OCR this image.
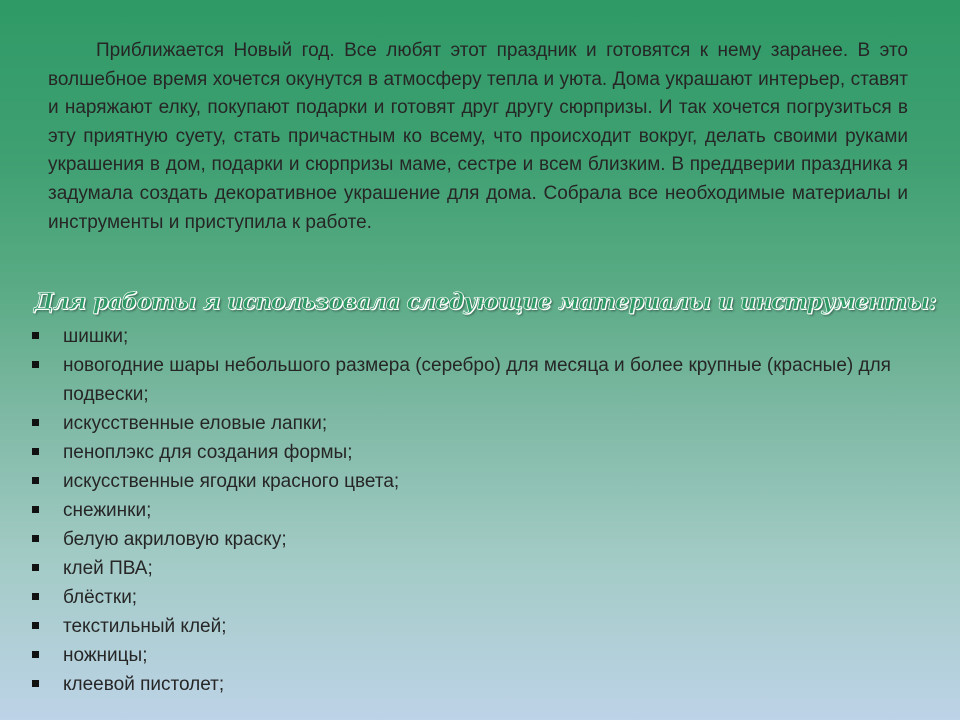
Приближается Новый год. Все любят этот праздник и готовятся к нему заранее. В это волшебное время хочется окунутся в атмосферу тепла и уюта. Дома украшают интерьер, ставят и наряжают елку, покупают подарки и готовят друг другу сюрпризы. И так хочется погрузиться в эту приятную суету, стать причастным ко всему, что происходит вокруг, делать своими руками украшения в дом, подарки и сюрпризы маме, сестре и всем близким. В преддверии праздника я задумала создать декоративное украшение для дома. Собрала все необходимые материалы и инструменты и приступила к работе.

Для работы я использовала следующие материалы и инструменты:
шишки;
новогодние шары небольшого размера (серебро) для месяца и более крупные (красные) для подвески;
искусственные еловые лапки;
пеноплэкс для создания формы;
искусственные ягодки красного цвета;
снежинки;
белую акриловую краску;
клей ПВА;
блёстки;
текстильный клей;
ножницы;
клеевой пистолет;
